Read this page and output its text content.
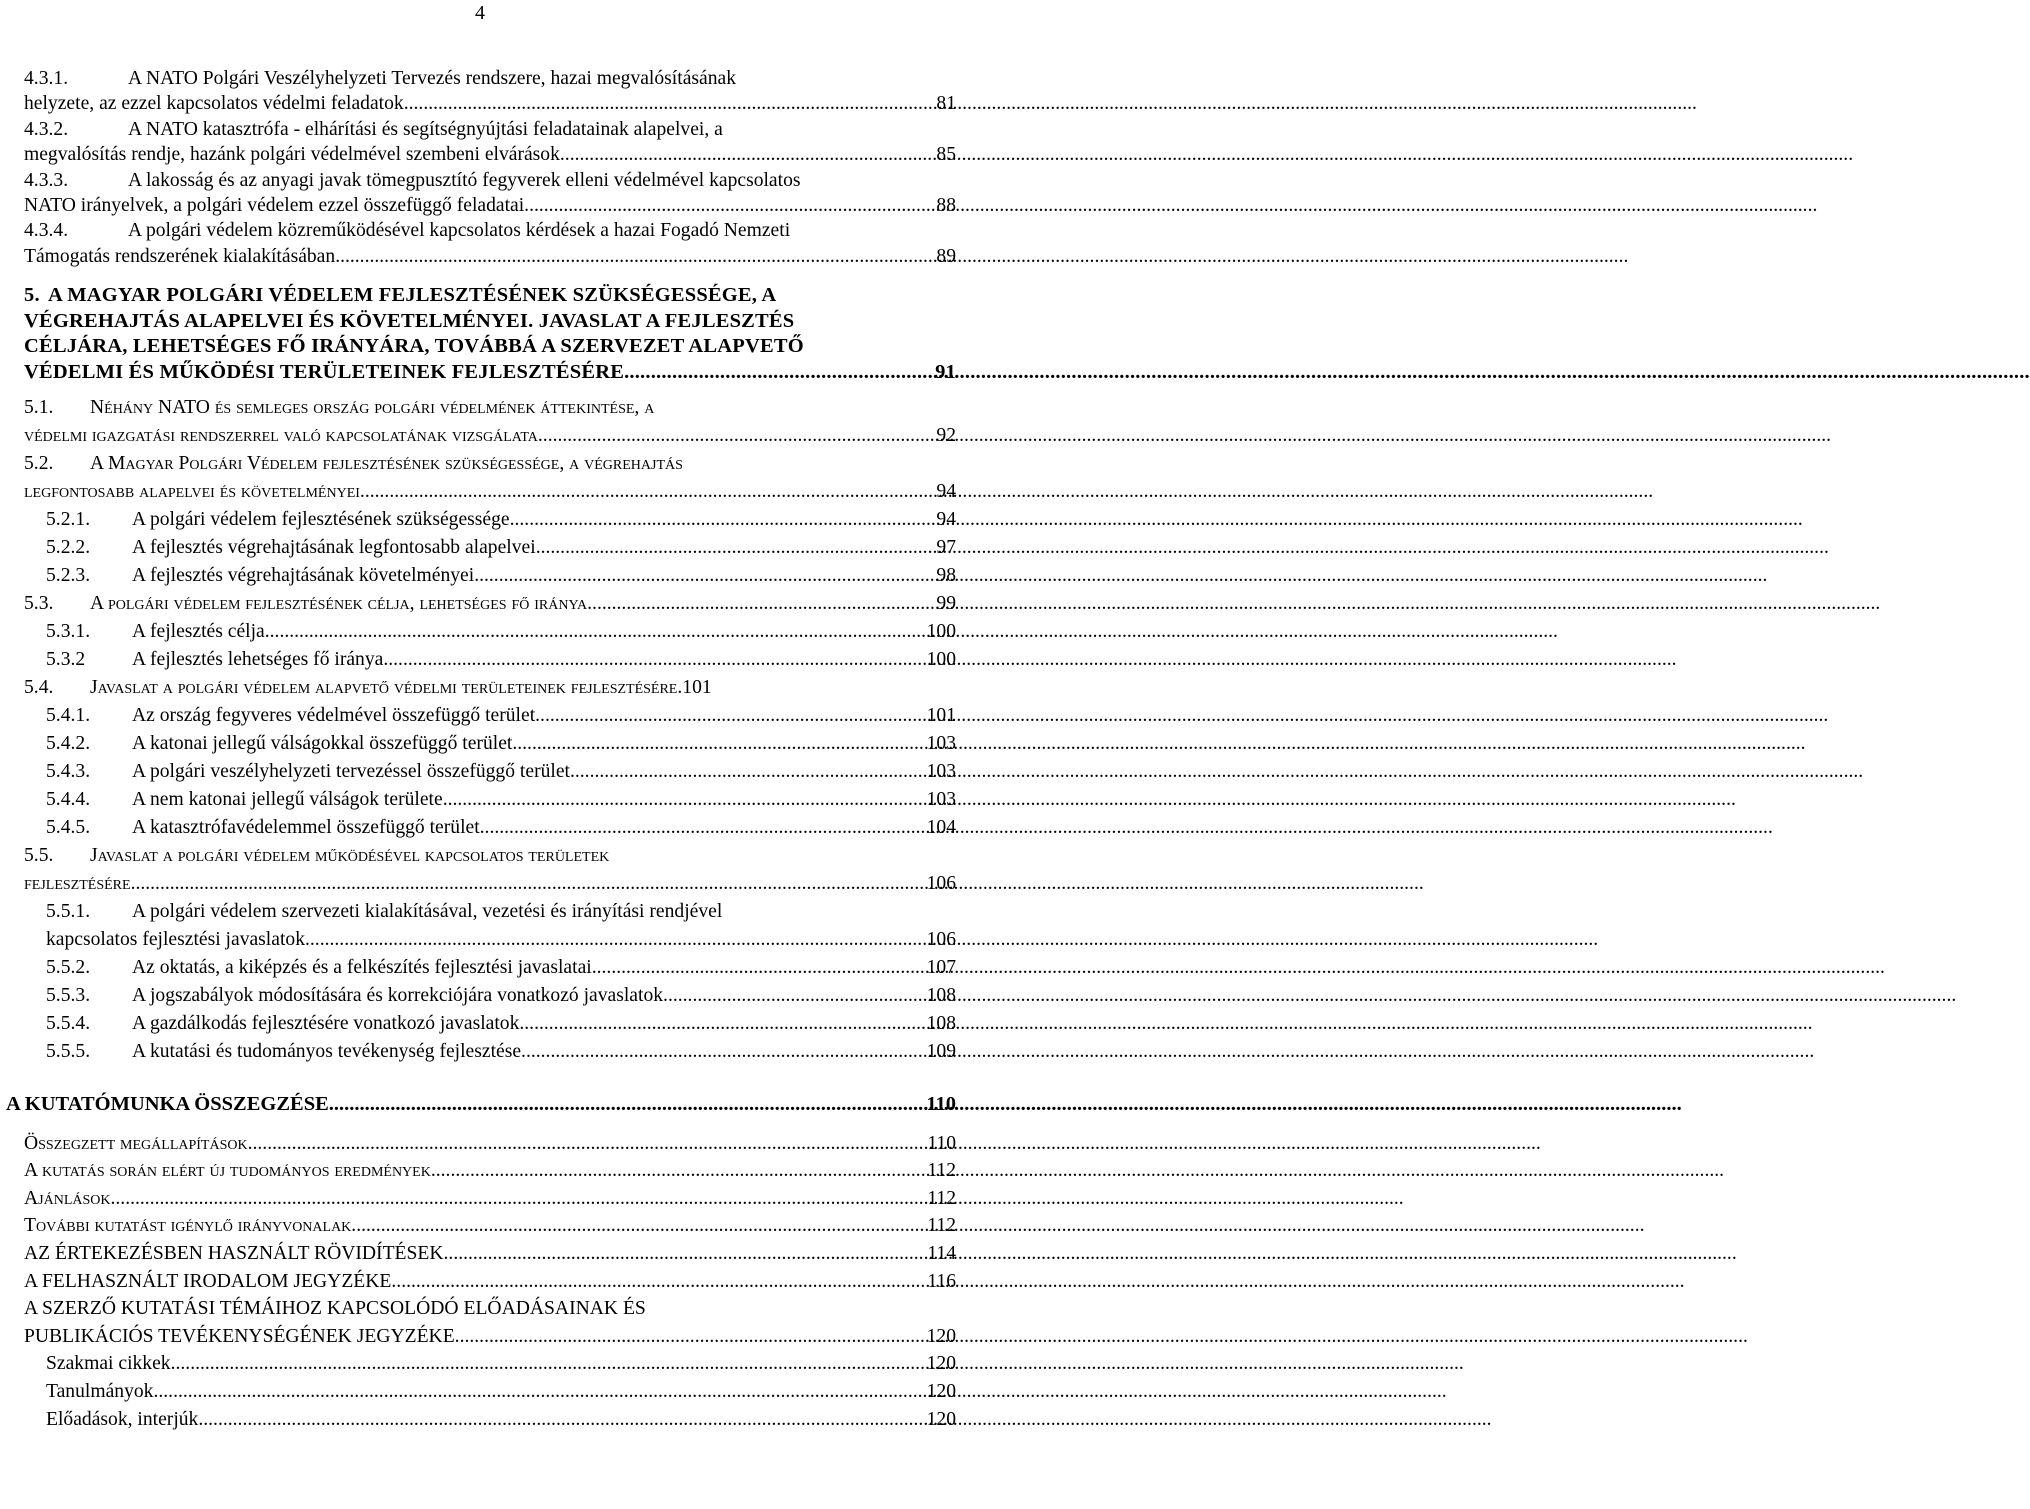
4
4.3.1.	A NATO Polgári Veszélyhelyzeti Tervezés rendszere, hazai megvalósításának
helyzete, az ezzel kapcsolatos védelmi feladatok .....	81
4.3.2.	A NATO katasztrófa - elhárítási és segítségnyújtási feladatainak alapelvei, a
megvalósítás rendje, hazánk polgári védelmével szembeni elvárások .....	85
4.3.3.	A lakosság és az anyagi javak tömegpusztító fegyverek elleni védelmével kapcsolatos
NATO irányelvek, a polgári védelem ezzel összefüggő feladatai .....	88
4.3.4.	A polgári védelem közreműködésével kapcsolatos kérdések a hazai Fogadó Nemzeti
Támogatás rendszerének kialakításában .....	89
5. A MAGYAR POLGÁRI VÉDELEM FEJLESZTÉSÉNEK SZÜKSÉGESSÉGE, A
VÉGREHAJTÁS ALAPELVEI ÉS KÖVETELMÉNYEI. JAVASLAT A FEJLESZTÉS
CÉLJÁRA, LEHETSÉGES FŐ IRÁNYÁRA, TOVÁBBÁ A SZERVEZET ALAPVETŐ
VÉDELMI ÉS MŰKÖDÉSI TERÜLETEINEK FEJLESZTÉSÉRE .....	91
5.1. Néhány NATO és semleges ország polgári védelmének áttekintése, a
védelmi igazgatási rendszerrel való kapcsolatának vizsgálata .....	92
5.2. A Magyar Polgári Védelem fejlesztésének szükségessége, a végrehajtás
legfontosabb alapelvei és követelményei .....	94
5.2.1.	A polgári védelem fejlesztésének szükségessége .....	94
5.2.2.	A fejlesztés végrehajtásának legfontosabb alapelvei .....	97
5.2.3.	A fejlesztés végrehajtásának követelményei .....	98
5.3.	A polgári védelem fejlesztésének célja, lehetséges fő iránya .....	99
5.3.1.	A fejlesztés célja .....	100
5.3.2	A fejlesztés lehetséges fő iránya .....	100
5.4.	Javaslat a polgári védelem alapvető védelmi területeinek fejlesztésére. 101
5.4.1.	Az ország fegyveres védelmével összefüggő terület .....	101
5.4.2.	A katonai jellegű válságokkal összefüggő terület .....	103
5.4.3.	A polgári veszélyhelyzeti tervezéssel összefüggő terület .....	103
5.4.4.	A nem katonai jellegű válságok területe .....	103
5.4.5.	A katasztrófavédelemmel összefüggő terület .....	104
5.5. Javaslat a polgári védelem működésével kapcsolatos területek
fejlesztésére .....	106
5.5.1. A polgári védelem szervezeti kialakításával, vezetési és irányítási rendjével
kapcsolatos fejlesztési javaslatok .....	106
5.5.2.	Az oktatás, a kiképzés és a felkészítés fejlesztési javaslatai .....	107
5.5.3.	A jogszabályok módosítására és korrekciójára vonatkozó javaslatok .....	108
5.5.4.	A gazdálkodás fejlesztésére vonatkozó javaslatok .....	108
5.5.5.	A kutatási és tudományos tevékenység fejlesztése .....	109
A KUTATÓMUNKA ÖSSZEGZÉSE .....	110
Összegzett megállapítások .....	110
A kutatás során elért új tudományos eredmények .....	112
Ajánlások .....	112
További kutatást igénylő irányvonalak .....	112
AZ ÉRTEKEZÉSBEN HASZNÁLT RÖVIDÍTÉSEK .....	114
A FELHASZNÁLT IRODALOM JEGYZÉKE .....	116
A SZERZŐ KUTATÁSI TÉMÁIHOZ KAPCSOLÓDÓ ELŐADÁSAINAK ÉS
PUBLIKÁCIÓS TEVÉKENYSÉGÉNEK JEGYZÉKE .....	120
Szakmai cikkek .....	120
Tanulmányok .....	120
Előadások, interjúk .....	120
